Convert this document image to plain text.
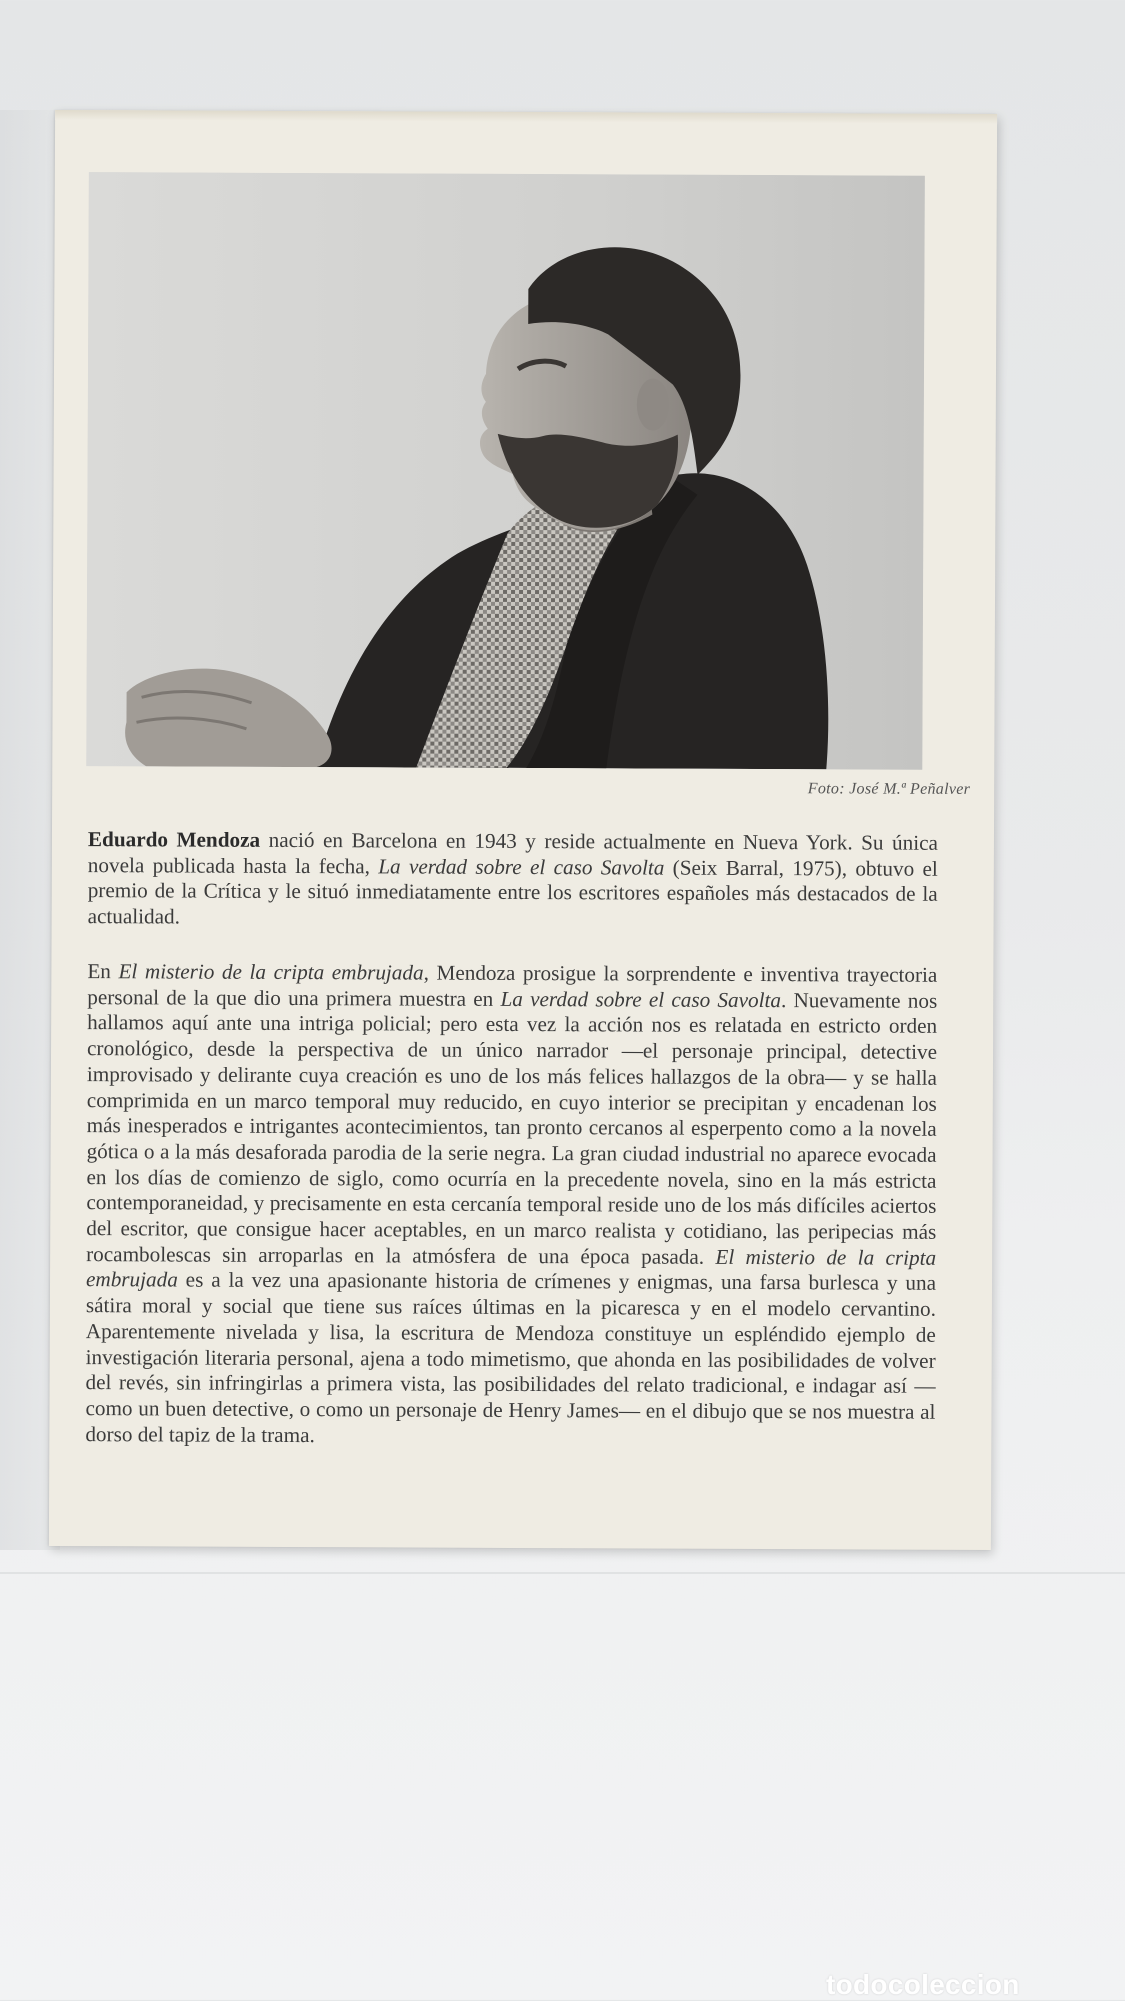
Foto: José M.ª Peñalver

Eduardo Mendoza nació en Barcelona en 1943 y reside actualmente en Nueva York. Su única novela publicada hasta la fecha, La verdad sobre el caso Savolta (Seix Barral, 1975), obtuvo el premio de la Crítica y le situó inmediatamente entre los escritores españoles más destacados de la actualidad.

En El misterio de la cripta embrujada, Mendoza prosigue la sorprendente e inventiva trayectoria personal de la que dio una primera muestra en La verdad sobre el caso Savolta. Nuevamente nos hallamos aquí ante una intriga policial; pero esta vez la acción nos es relatada en estricto orden cronológico, desde la perspectiva de un único narrador —el personaje principal, detective improvisado y delirante cuya creación es uno de los más felices hallazgos de la obra— y se halla comprimida en un marco temporal muy reducido, en cuyo interior se precipitan y encadenan los más inesperados e intrigantes acontecimientos, tan pronto cercanos al esperpento como a la novela gótica o a la más desaforada parodia de la serie negra. La gran ciudad industrial no aparece evocada en los días de comienzo de siglo, como ocurría en la precedente novela, sino en la más estricta contemporaneidad, y precisamente en esta cercanía temporal reside uno de los más difíciles aciertos del escritor, que consigue hacer aceptables, en un marco realista y cotidiano, las peripecias más rocambolescas sin arroparlas en la atmósfera de una época pasada. El misterio de la cripta embrujada es a la vez una apasionante historia de crímenes y enigmas, una farsa burlesca y una sátira moral y social que tiene sus raíces últimas en la picaresca y en el modelo cervantino. Aparentemente nivelada y lisa, la escritura de Mendoza constituye un espléndido ejemplo de investigación literaria personal, ajena a todo mimetismo, que ahonda en las posibilidades de volver del revés, sin infringirlas a primera vista, las posibilidades del relato tradicional, e indagar así —como un buen detective, o como un personaje de Henry James— en el dibujo que se nos muestra al dorso del tapiz de la trama.

todocoleccion
